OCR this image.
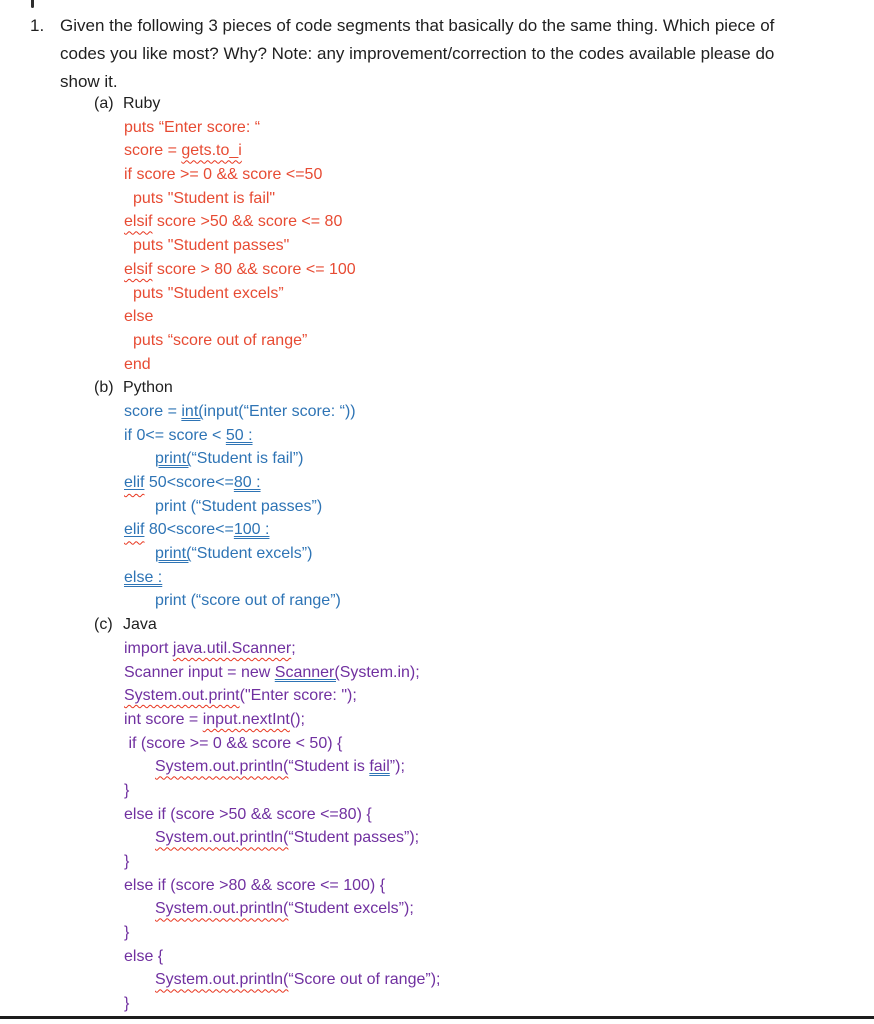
1. Given the following 3 pieces of code segments that basically do the same thing. Which piece of
codes you like most? Why? Note: any improvement/correction to the codes available please do
show it.
(a) Ruby
puts “Enter score: “
score = gets.to_i
if score >= 0 && score <=50
puts "Student is fail"
elsif score >50 && score <= 80
puts "Student passes"
elsif score > 80 && score <= 100
puts "Student excels”
else
puts “score out of range”
end
(b) Python
score = int(input(“Enter score: “))
if 0<= score < 50 :
print(“Student is fail”)
elif 50<score<=80 :
print (“Student passes”)
elif 80<score<=100 :
print(“Student excels”)
else :
print (“score out of range”)
(c) Java
import java.util.Scanner;
Scanner input = new Scanner(System.in);
System.out.print("Enter score: ");
int score = input.nextInt();
if (score >= 0 && score < 50) {
System.out.println(“Student is fail”);
}
else if (score >50 && score <=80) {
System.out.println(“Student passes”);
}
else if (score >80 && score <= 100) {
System.out.println(“Student excels”);
}
else {
System.out.println(“Score out of range”);
}
